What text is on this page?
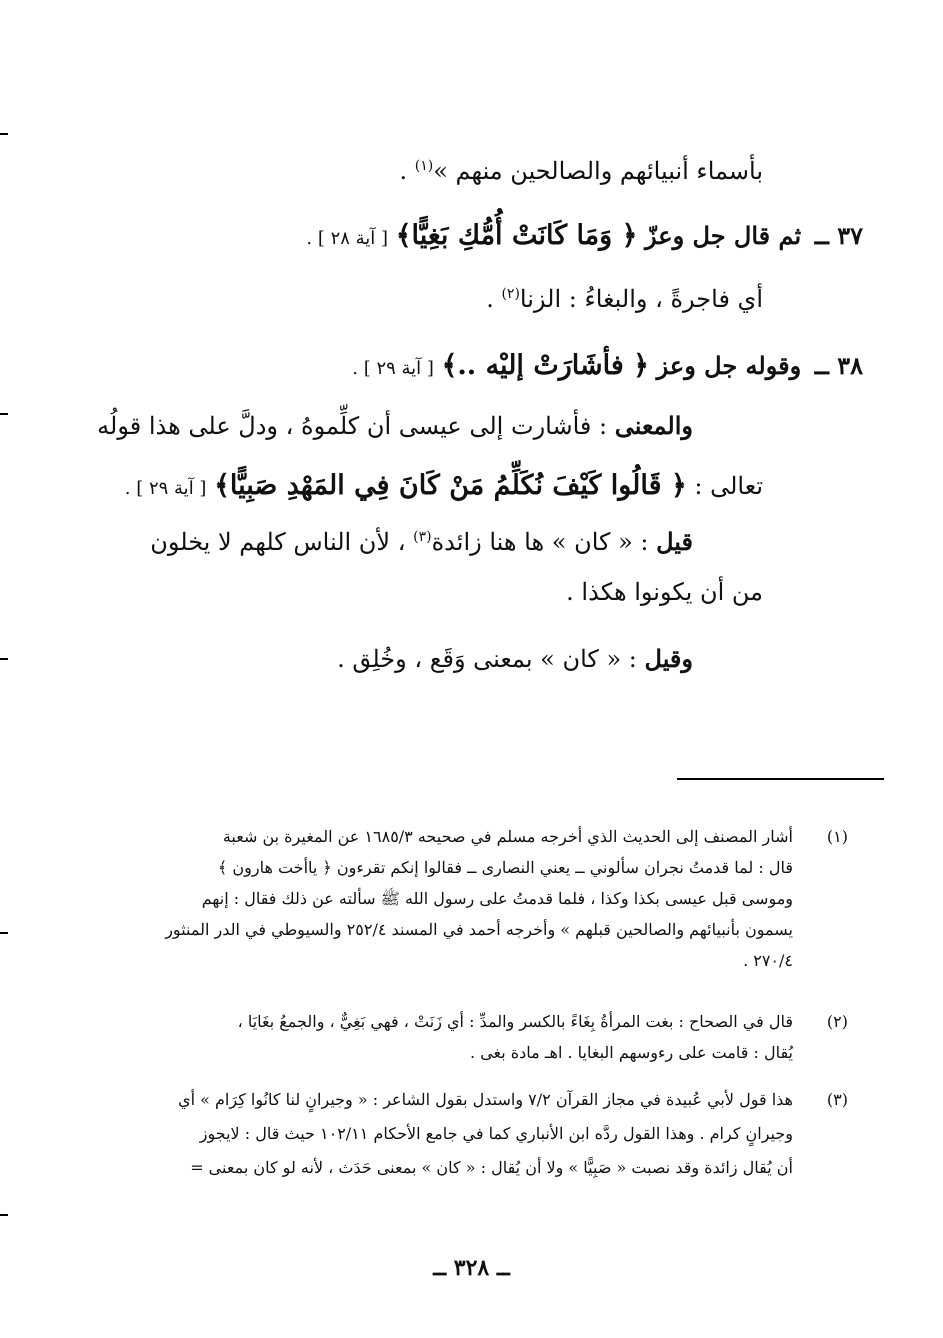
بأسماء أنبيائهم والصالحين منهم »$^{(١)}$ .
٣٧ ــ ثم قال جل وعزّ ﴿ وَمَا كَانَتْ أُمُّكِ بَغِيًّا﴾ [ آية ٢٨ ] .
أي فاجرةً ، والبغاءُ : الزنا$^{(٢)}$ .
٣٨ ــ وقوله جل وعز ﴿ فأشَارَتْ إليْه ..﴾ [ آية ٢٩ ] .
والمعنى : فأشارت إلى عيسى أن كلِّموهُ ، ودلَّ على هذا قولُه
تعالى : ﴿ قَالُوا كَيْفَ نُكَلِّمُ مَنْ كَانَ فِي المَهْدِ صَبِيًّا﴾ [ آية ٢٩ ] .
قيل : « كان » ها هنا زائدة$^{(٣)}$ ، لأن الناس كلهم لا يخلون
من أن يكونوا هكذا .
وقيل : « كان » بمعنى وَقَع ، وخُلِق .
(١)
أشار المصنف إلى الحديث الذي أخرجه مسلم في صحيحه ١٦٨٥/٣ عن المغيرة بن شعبة
قال : لما قدمتُ نجران سألوني ــ يعني النصارى ــ فقالوا إنكم تقرءون ﴿ ياأخت هارون ﴾
وموسى قبل عيسى بكذا وكذا ، فلما قدمتُ على رسول الله ﷺ سألته عن ذلك فقال : إنهم
يسمون بأنبيائهم والصالحين قبلهم » وأخرجه أحمد في المسند ٢٥٢/٤ والسيوطي في الدر المنثور
٢٧٠/٤ .
(٢)
قال في الصحاح : بغت المرأةُ بِغَاءً بالكسر والمدِّ : أي زَنَتْ ، فهي بَغِيٌّ ، والجمعُ بغَايَا ،
يُقال : قامت على رءوسهم البغايا . اهـ مادة بغى .
(٣)
هذا قول لأبي عُبيدة في مجاز القرآن ٧/٢ واستدل بقول الشاعر : « وجيرانٍ لنا كانُوا كِرَام » أي
وجيرانٍ كرام . وهذا القول ردَّه ابن الأنباري كما في جامع الأحكام ١٠٢/١١ حيث قال : لايجوز
أن يُقال زائدة وقد نصبت « صَبِيًّا » ولا أن يُقال : « كان » بمعنى حَدَث ، لأنه لو كان بمعنى =
ــ ٣٢٨ ــ
